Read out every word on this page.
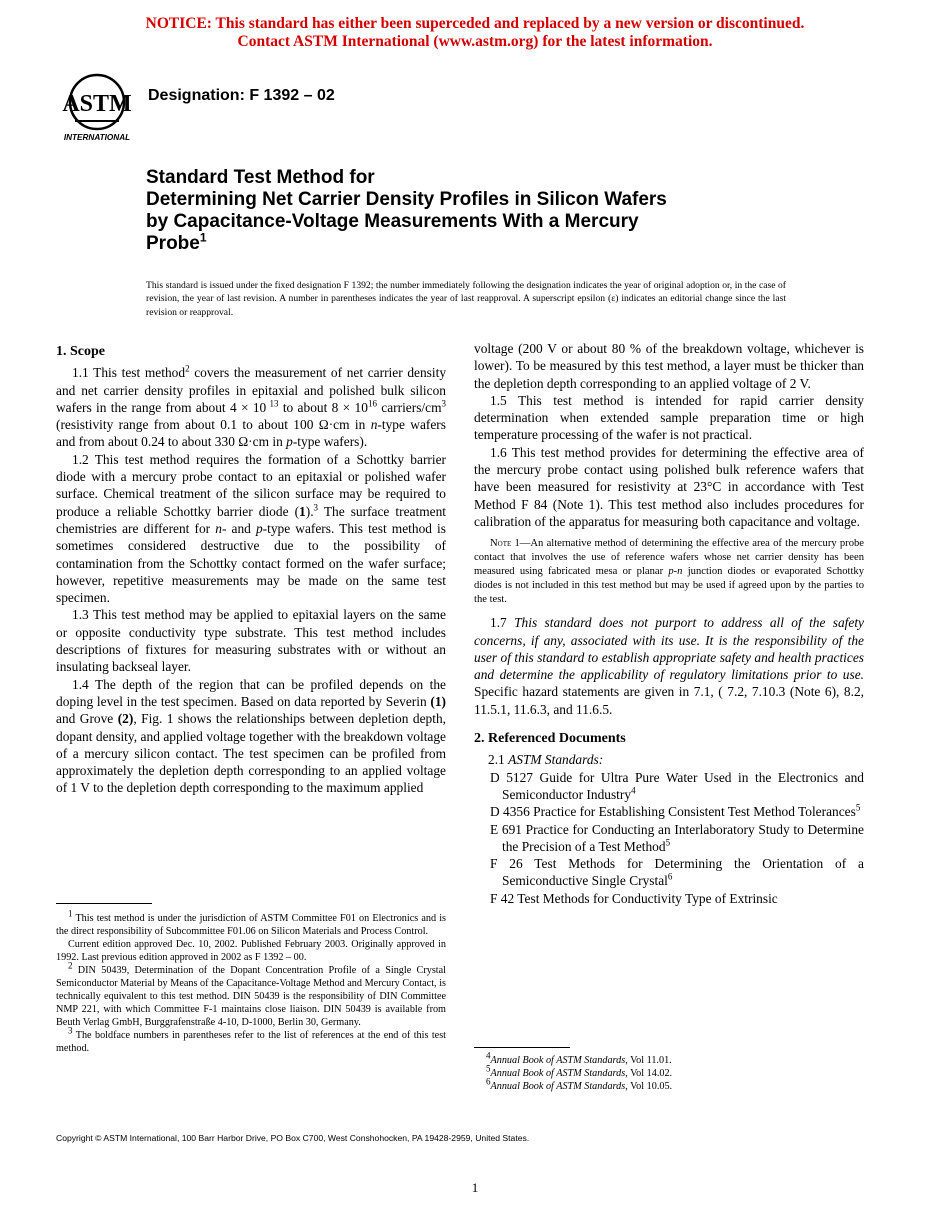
NOTICE: This standard has either been superceded and replaced by a new version or discontinued.
Contact ASTM International (www.astm.org) for the latest information.
ASTM
INTERNATIONAL
Designation: F 1392 – 02
Standard Test Method for
Determining Net Carrier Density Profiles in Silicon Wafers
by Capacitance-Voltage Measurements With a Mercury
Probe$^1$
This standard is issued under the fixed designation F 1392; the number immediately following the designation indicates the year of original adoption or, in the case of revision, the year of last revision. A number in parentheses indicates the year of last reapproval. A superscript epsilon (ε) indicates an editorial change since the last revision or reapproval.

1. Scope

1.1 This test method$^2$ covers the measurement of net carrier density and net carrier density profiles in epitaxial and polished bulk silicon wafers in the range from about 4 × 10 $^{13}$ to about $8 \times 10^{16}$ carriers/$cm^3$ (resistivity range from about 0.1 to about 100 Ω·cm in n-type wafers and from about 0.24 to about 330 Ω·cm in p-type wafers).

1.2 This test method requires the formation of a Schottky barrier diode with a mercury probe contact to an epitaxial or polished wafer surface. Chemical treatment of the silicon surface may be required to produce a reliable Schottky barrier diode (1).$^3$ The surface treatment chemistries are different for n- and p-type wafers. This test method is sometimes considered destructive due to the possibility of contamination from the Schottky contact formed on the wafer surface; however, repetitive measurements may be made on the same test specimen.

1.3 This test method may be applied to epitaxial layers on the same or opposite conductivity type substrate. This test method includes descriptions of fixtures for measuring substrates with or without an insulating backseal layer.

1.4 The depth of the region that can be profiled depends on the doping level in the test specimen. Based on data reported by Severin (1) and Grove (2), Fig. 1 shows the relationships between depletion depth, dopant density, and applied voltage together with the breakdown voltage of a mercury silicon contact. The test specimen can be profiled from approximately the depletion depth corresponding to an applied voltage of 1 V to the depletion depth corresponding to the maximum applied

voltage (200 V or about 80 % of the breakdown voltage, whichever is lower). To be measured by this test method, a layer must be thicker than the depletion depth corresponding to an applied voltage of 2 V.

1.5 This test method is intended for rapid carrier density determination when extended sample preparation time or high temperature processing of the wafer is not practical.

1.6 This test method provides for determining the effective area of the mercury probe contact using polished bulk reference wafers that have been measured for resistivity at 23°C in accordance with Test Method F 84 (Note 1). This test method also includes procedures for calibration of the apparatus for measuring both capacitance and voltage.

Note 1—An alternative method of determining the effective area of the mercury probe contact that involves the use of reference wafers whose net carrier density has been measured using fabricated mesa or planar p-n junction diodes or evaporated Schottky diodes is not included in this test method but may be used if agreed upon by the parties to the test.

1.7 This standard does not purport to address all of the safety concerns, if any, associated with its use. It is the responsibility of the user of this standard to establish appropriate safety and health practices and determine the applicability of regulatory limitations prior to use. Specific hazard statements are given in 7.1, ( 7.2, 7.10.3 (Note 6), 8.2, 11.5.1, 11.6.3, and 11.6.5.

2. Referenced Documents

2.1 ASTM Standards:

D 5127 Guide for Ultra Pure Water Used in the Electronics and Semiconductor Industry$^4$

D 4356 Practice for Establishing Consistent Test Method Tolerances$^5$

E 691 Practice for Conducting an Interlaboratory Study to Determine the Precision of a Test Method$^5$

F 26 Test Methods for Determining the Orientation of a Semiconductive Single Crystal$^6$

F 42 Test Methods for Conductivity Type of Extrinsic

$^1$ This test method is under the jurisdiction of ASTM Committee F01 on Electronics and is the direct responsibility of Subcommittee F01.06 on Silicon Materials and Process Control.

Current edition approved Dec. 10, 2002. Published February 2003. Originally approved in 1992. Last previous edition approved in 2002 as F 1392 – 00.

$^2$ DIN 50439, Determination of the Dopant Concentration Profile of a Single Crystal Semiconductor Material by Means of the Capacitance-Voltage Method and Mercury Contact, is technically equivalent to this test method. DIN 50439 is the responsibility of DIN Committee NMP 221, with which Committee F-1 maintains close liaison. DIN 50439 is available from Beuth Verlag GmbH, Burggrafenstraße 4-10, D-1000, Berlin 30, Germany.

$^3$ The boldface numbers in parentheses refer to the list of references at the end of this test method.

$^4$Annual Book of ASTM Standards, Vol 11.01.

$^5$Annual Book of ASTM Standards, Vol 14.02.

$^6$Annual Book of ASTM Standards, Vol 10.05.

Copyright © ASTM International, 100 Barr Harbor Drive, PO Box C700, West Conshohocken, PA 19428-2959, United States.
1
